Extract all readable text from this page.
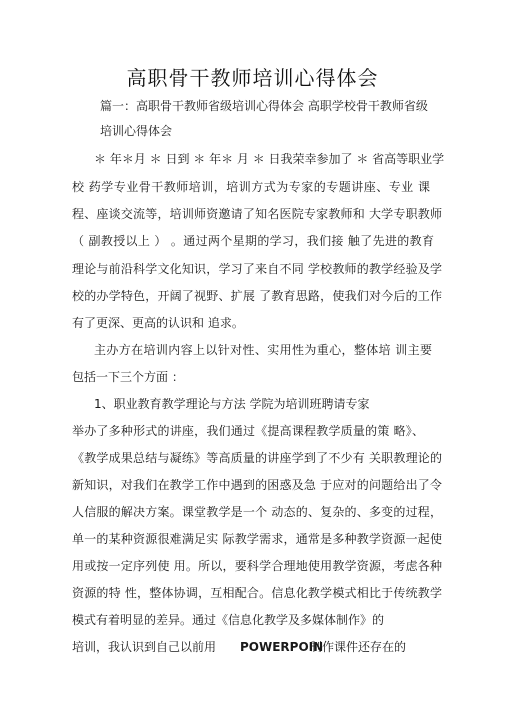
高职骨干教师培训心得体会
篇一：高职骨干教师省级培训心得体会 高职学校骨干教师省级
培训心得体会
＊ 年＊月 ＊ 日到 ＊ 年＊ 月 ＊ 日我荣幸参加了 ＊ 省高等职业学
校 药学专业骨干教师培训，培训方式为专家的专题讲座、专业 课
程、座谈交流等，培训师资邀请了知名医院专家教师和 大学专职教师
（ 副教授以上 ） 。通过两个星期的学习，我们接 触了先进的教育
理论与前沿科学文化知识，学习了来自不同 学校教师的教学经验及学
校的办学特色，开阔了视野、扩展 了教育思路，使我们对今后的工作
有了更深、更高的认识和 追求。
主办方在培训内容上以针对性、实用性为重心，整体培 训主要
包括一下三个方面 ：
1、职业教育教学理论与方法 学院为培训班聘请专家
举办了多种形式的讲座，我们通过《提高课程教学质量的策 略》、
《教学成果总结与凝练》等高质量的讲座学到了不少有 关职教理论的
新知识，对我们在教学工作中遇到的困惑及急 于应对的问题给出了令
人信服的解决方案。课堂教学是一个 动态的、复杂的、多变的过程，
单一的某种资源很难满足实 际教学需求，通常是多种教学资源一起使
用或按一定序列使 用。所以，要科学合理地使用教学资源，考虑各种
资源的特 性，整体协调，互相配合。信息化教学模式相比于传统教学
模式有着明显的差异。通过《信息化教学及多媒体制作》的
培训，我认识到自己以前用	POWERPOIN
制作课件还存在的
